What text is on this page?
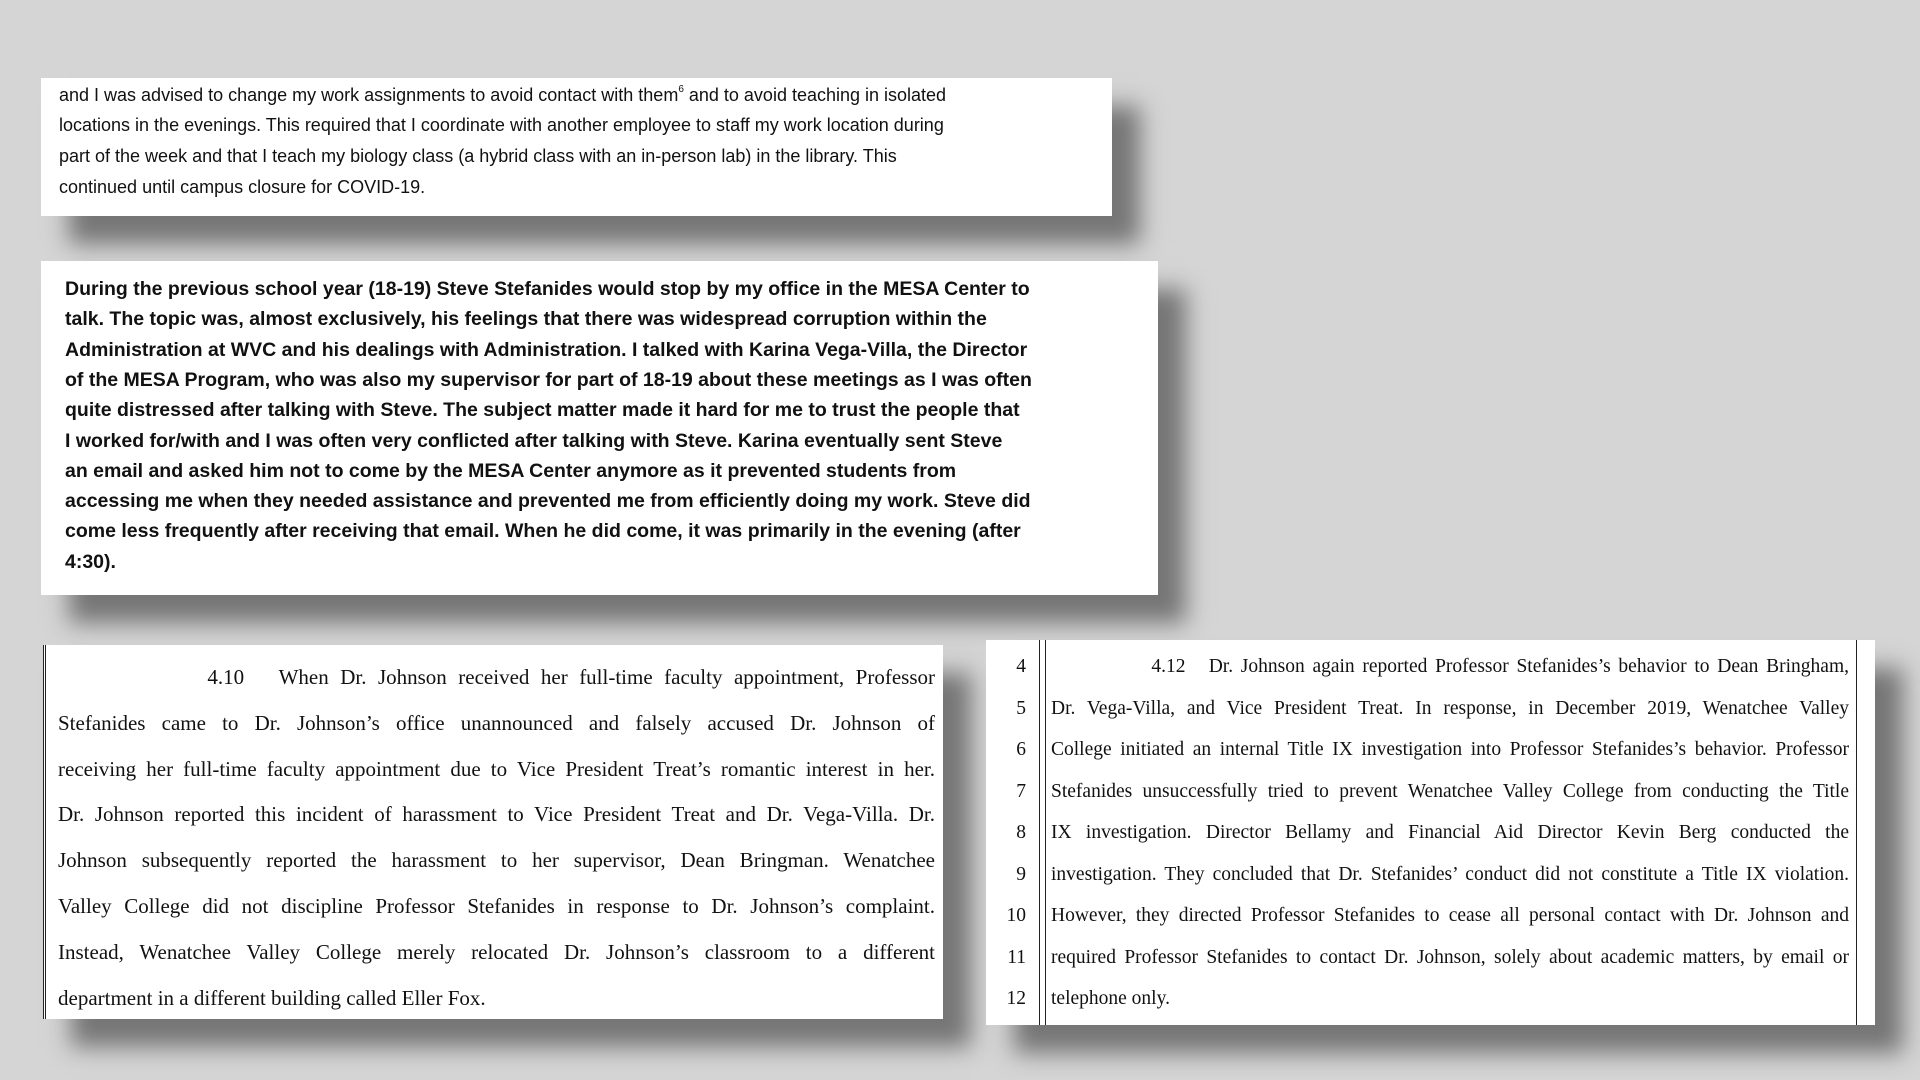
and I was advised to change my work assignments to avoid contact with them$^6$ and to avoid teaching in isolated
locations in the evenings. This required that I coordinate with another employee to staff my work location during
part of the week and that I teach my biology class (a hybrid class with an in-person lab) in the library. This
continued until campus closure for COVID-19.
During the previous school year (18-19) Steve Stefanides would stop by my office in the MESA Center to
talk. The topic was, almost exclusively, his feelings that there was widespread corruption within the
Administration at WVC and his dealings with Administration. I talked with Karina Vega-Villa, the Director
of the MESA Program, who was also my supervisor for part of 18-19 about these meetings as I was often
quite distressed after talking with Steve. The subject matter made it hard for me to trust the people that
I worked for/with and I was often very conflicted after talking with Steve. Karina eventually sent Steve
an email and asked him not to come by the MESA Center anymore as it prevented students from
accessing me when they needed assistance and prevented me from efficiently doing my work. Steve did
come less frequently after receiving that email. When he did come, it was primarily in the evening (after
4:30).
4.10   When Dr. Johnson received her full-time faculty appointment, Professor
Stefanides came to Dr. Johnson’s office unannounced and falsely accused Dr. Johnson of
receiving her full-time faculty appointment due to Vice President Treat’s romantic interest in her.
Dr. Johnson reported this incident of harassment to Vice President Treat and Dr. Vega-Villa. Dr.
Johnson subsequently reported the harassment to her supervisor, Dean Bringman. Wenatchee
Valley College did not discipline Professor Stefanides in response to Dr. Johnson’s complaint.
Instead, Wenatchee Valley College merely relocated Dr. Johnson’s classroom to a different
department in a different building called Eller Fox.
4
5
6
7
8
9
10
11
12
4.12   Dr. Johnson again reported Professor Stefanides’s behavior to Dean Bringham,
Dr. Vega-Villa, and Vice President Treat. In response, in December 2019, Wenatchee Valley
College initiated an internal Title IX investigation into Professor Stefanides’s behavior. Professor
Stefanides unsuccessfully tried to prevent Wenatchee Valley College from conducting the Title
IX investigation. Director Bellamy and Financial Aid Director Kevin Berg conducted the
investigation. They concluded that Dr. Stefanides’ conduct did not constitute a Title IX violation.
However, they directed Professor Stefanides to cease all personal contact with Dr. Johnson and
required Professor Stefanides to contact Dr. Johnson, solely about academic matters, by email or
telephone only.
